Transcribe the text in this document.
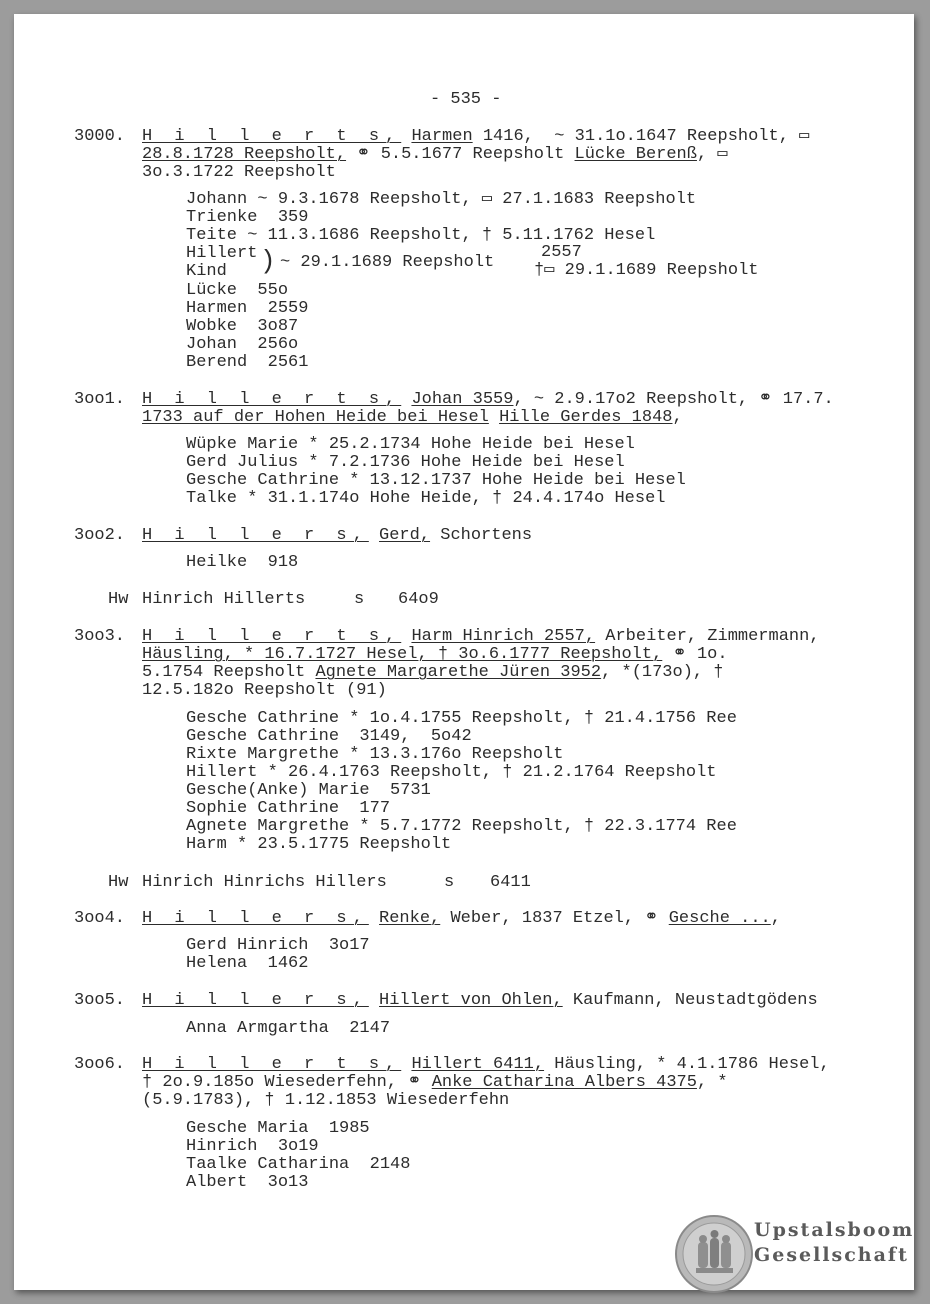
- 535 -
3000. H i l l e r t s, Harmen 1416,  ~ 31.1o.1647 Reepsholt, ▭
28.8.1728 Reepsholt, ⚭ 5.5.1677 Reepsholt Lücke Berenß, ▭
3o.3.1722 Reepsholt
Johann ~ 9.3.1678 Reepsholt, ▭ 27.1.1683 Reepsholt
Trienke  359
Teite ~ 11.3.1686 Reepsholt, † 5.11.1762 Hesel
Hillert
Kind ) ~ 29.1.1689 Reepsholt
2557
†▭ 29.1.1689 Reepsholt
Lücke  55o
Harmen  2559
Wobke  3o87
Johan  256o
Berend  2561
3oo1. H i l l e r t s, Johan 3559, ~ 2.9.17o2 Reepsholt, ⚭ 17.7.
1733 auf der Hohen Heide bei Hesel Hille Gerdes 1848,
Wüpke Marie * 25.2.1734 Hohe Heide bei Hesel
Gerd Julius * 7.2.1736 Hohe Heide bei Hesel
Gesche Cathrine * 13.12.1737 Hohe Heide bei Hesel
Talke * 31.1.174o Hohe Heide, † 24.4.174o Hesel
3oo2. H i l l e r s, Gerd, Schortens
Heilke  918
Hw Hinrich Hillerts	s 64o9
3oo3. H i l l e r t s, Harm Hinrich 2557, Arbeiter, Zimmermann,
Häusling, * 16.7.1727 Hesel, † 3o.6.1777 Reepsholt, ⚭ 1o.
5.1754 Reepsholt Agnete Margarethe Jüren 3952, *(173o), †
12.5.182o Reepsholt (91)
Gesche Cathrine * 1o.4.1755 Reepsholt, † 21.4.1756 Ree
Gesche Cathrine  3149,  5o42
Rixte Margrethe * 13.3.176o Reepsholt
Hillert * 26.4.1763 Reepsholt, † 21.2.1764 Reepsholt
Gesche(Anke) Marie  5731
Sophie Cathrine  177
Agnete Margrethe * 5.7.1772 Reepsholt, † 22.3.1774 Ree
Harm * 23.5.1775 Reepsholt
Hw Hinrich Hinrichs Hillers	s 6411
3oo4. H i l l e r s, Renke, Weber, 1837 Etzel, ⚭ Gesche ...,
Gerd Hinrich  3o17
Helena  1462
3oo5. H i l l e r s, Hillert von Ohlen, Kaufmann, Neustadtgödens
Anna Armgartha  2147
3oo6. H i l l e r t s, Hillert 6411, Häusling, * 4.1.1786 Hesel,
† 2o.9.185o Wiesederfehn, ⚭ Anke Catharina Albers 4375, *
(5.9.1783), † 1.12.1853 Wiesederfehn
Gesche Maria  1985
Hinrich  3o19
Taalke Catharina  2148
Albert  3o13
Upstalsboom
Gesellschaft
